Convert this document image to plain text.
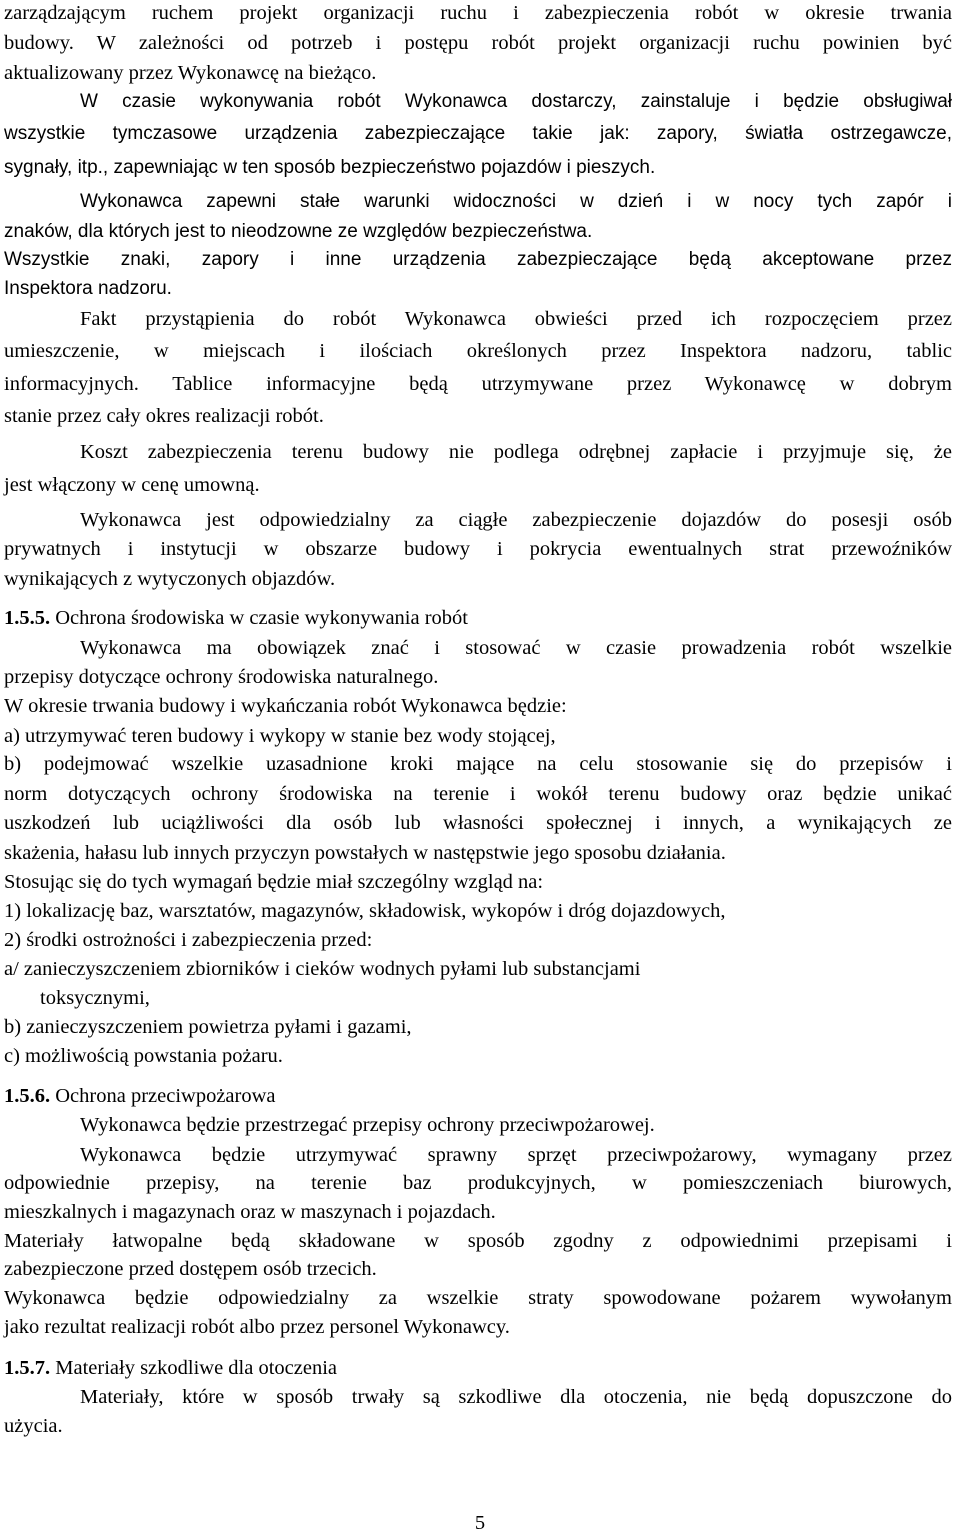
zarządzającym ruchem projekt organizacji ruchu i zabezpieczenia robót w okresie trwania
budowy. W zależności od potrzeb i postępu robót projekt organizacji ruchu powinien być
aktualizowany przez Wykonawcę na bieżąco.
W czasie wykonywania robót Wykonawca dostarczy, zainstaluje i będzie obsługiwał
wszystkie tymczasowe urządzenia zabezpieczające takie jak: zapory, światła ostrzegawcze,
sygnały, itp., zapewniając w ten sposób bezpieczeństwo pojazdów i pieszych.
Wykonawca zapewni stałe warunki widoczności w dzień i w nocy tych zapór i
znaków, dla których jest to nieodzowne ze względów bezpieczeństwa.
Wszystkie znaki, zapory i inne urządzenia zabezpieczające będą akceptowane przez
Inspektora nadzoru.
Fakt przystąpienia do robót Wykonawca obwieści przed ich rozpoczęciem przez
umieszczenie, w miejscach i ilościach określonych przez Inspektora nadzoru, tablic
informacyjnych. Tablice informacyjne będą utrzymywane przez Wykonawcę w dobrym
stanie przez cały okres realizacji robót.
Koszt zabezpieczenia terenu budowy nie podlega odrębnej zapłacie i przyjmuje się, że
jest włączony w cenę umowną.
Wykonawca jest odpowiedzialny za ciągłe zabezpieczenie dojazdów do posesji osób
prywatnych i instytucji w obszarze budowy i pokrycia ewentualnych strat przewoźników
wynikających z wytyczonych objazdów.
1.5.5. Ochrona środowiska w czasie wykonywania robót
Wykonawca ma obowiązek znać i stosować w czasie prowadzenia robót wszelkie
przepisy dotyczące ochrony środowiska naturalnego.
W okresie trwania budowy i wykańczania robót Wykonawca będzie:
a) utrzymywać teren budowy i wykopy w stanie bez wody stojącej,
b) podejmować wszelkie uzasadnione kroki mające na celu stosowanie się do przepisów i
norm dotyczących ochrony środowiska na terenie i wokół terenu budowy oraz będzie unikać
uszkodzeń lub uciążliwości dla osób lub własności społecznej i innych, a wynikających ze
skażenia, hałasu lub innych przyczyn powstałych w następstwie jego sposobu działania.
Stosując się do tych wymagań będzie miał szczególny wzgląd na:
1) lokalizację baz, warsztatów, magazynów, składowisk, wykopów i dróg dojazdowych,
2) środki ostrożności i zabezpieczenia przed:
a/ zanieczyszczeniem zbiorników i cieków wodnych pyłami lub substancjami
toksycznymi,
b) zanieczyszczeniem powietrza pyłami i gazami,
c) możliwością powstania pożaru.
1.5.6. Ochrona przeciwpożarowa
Wykonawca będzie przestrzegać przepisy ochrony przeciwpożarowej.
Wykonawca będzie utrzymywać sprawny sprzęt przeciwpożarowy, wymagany przez
odpowiednie przepisy, na terenie baz produkcyjnych, w pomieszczeniach biurowych,
mieszkalnych i magazynach oraz w maszynach i pojazdach.
Materiały łatwopalne będą składowane w sposób zgodny z odpowiednimi przepisami i
zabezpieczone przed dostępem osób trzecich.
Wykonawca będzie odpowiedzialny za wszelkie straty spowodowane pożarem wywołanym
jako rezultat realizacji robót albo przez personel Wykonawcy.
1.5.7. Materiały szkodliwe dla otoczenia
Materiały, które w sposób trwały są szkodliwe dla otoczenia, nie będą dopuszczone do
użycia.
5
